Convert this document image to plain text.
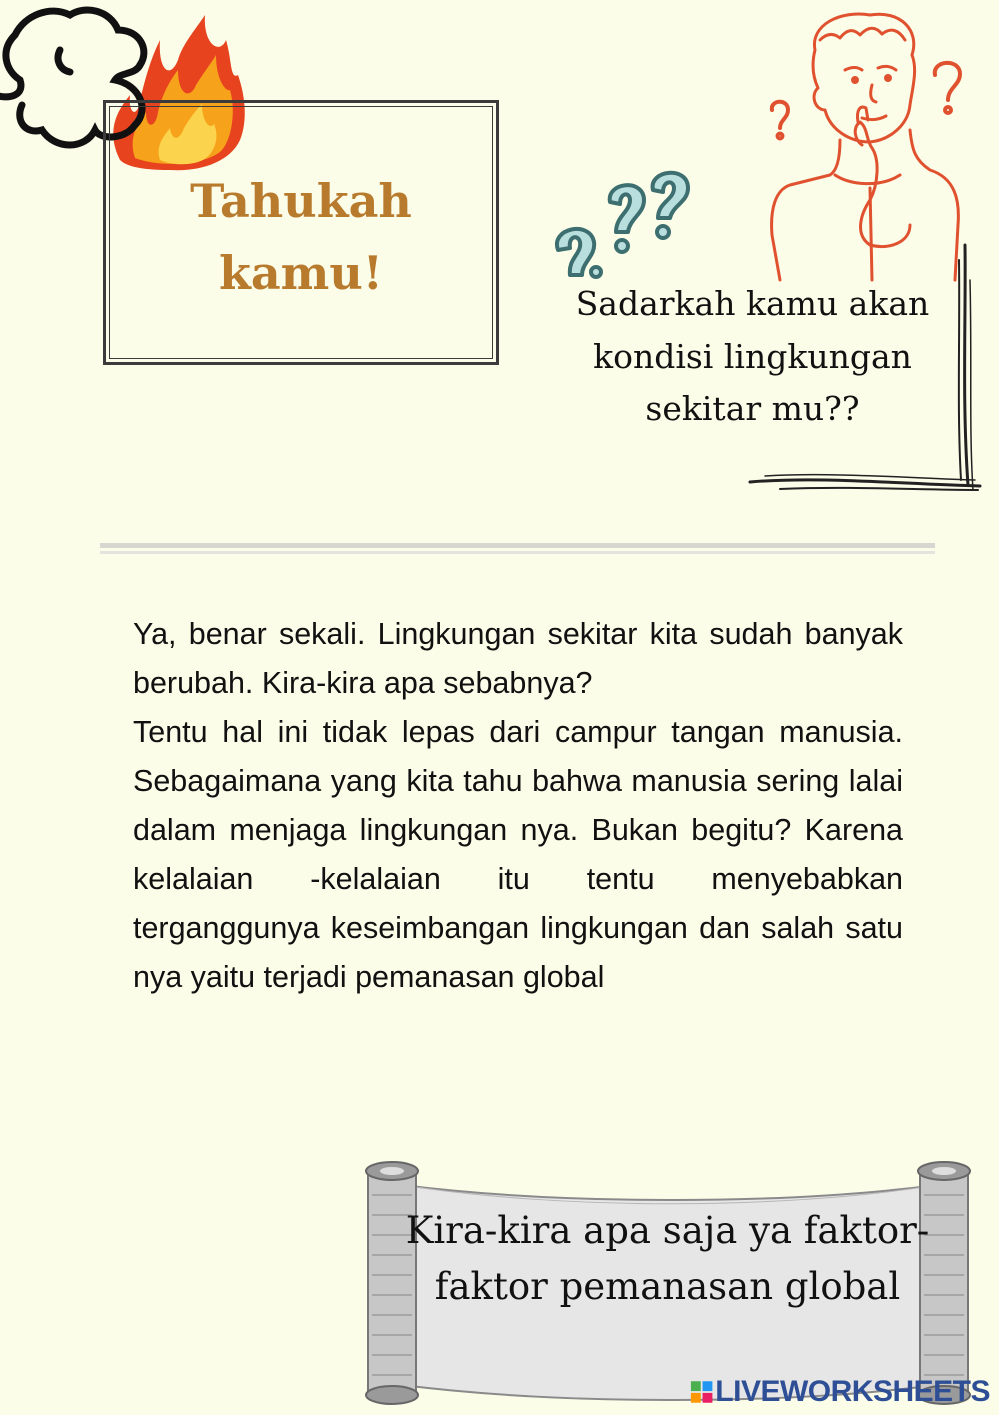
Tahukah
kamu!
Sadarkah kamu akan kondisi lingkungan sekitar mu??

Ya, benar sekali. Lingkungan sekitar kita sudah banyak berubah. Kira-kira apa sebabnya?

Tentu hal ini tidak lepas dari campur tangan manusia. Sebagaimana yang kita tahu bahwa manusia sering lalai dalam menjaga lingkungan nya. Bukan begitu? Karena kelalaian -kelalaian itu tentu menyebabkan terganggunya keseimbangan lingkungan dan salah satu nya yaitu terjadi pemanasan global

Kira-kira apa saja ya faktor-faktor pemanasan global
LIVEWORKSHEETS
